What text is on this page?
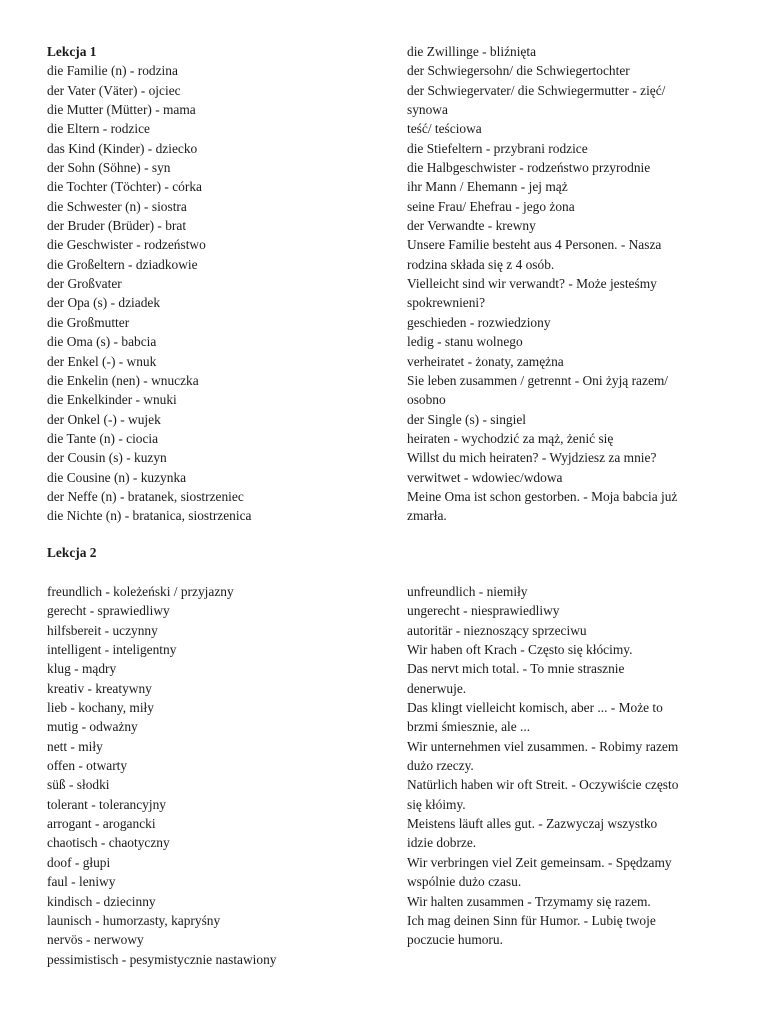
Lekcja 1
die Familie (n) - rodzina
der Vater (Väter) - ojciec
die Mutter (Mütter) - mama
die Eltern - rodzice
das Kind (Kinder) - dziecko
der Sohn (Söhne) - syn
die Tochter (Töchter) - córka
die Schwester (n) - siostra
der Bruder (Brüder) - brat
die Geschwister - rodzeństwo
die Großeltern - dziadkowie
der Großvater
der Opa (s) - dziadek
die Großmutter
die Oma (s) - babcia
der Enkel (-) - wnuk
die Enkelin (nen) - wnuczka
die Enkelkinder - wnuki
der Onkel (-) - wujek
die Tante (n) - ciocia
der Cousin (s) - kuzyn
die Cousine (n) - kuzynka
der Neffe (n) - bratanek, siostrzeniec
die Nichte (n) - bratanica, siostrzenica
die Zwillinge - bliźnięta
der Schwiegersohn/ die Schwiegertochter
der Schwiegervater/ die Schwiegermutter - zięć/
synowa
teść/ teściowa
die Stiefeltern - przybrani rodzice
die Halbgeschwister - rodzeństwo przyrodnie
ihr Mann / Ehemann - jej mąż
seine Frau/ Ehefrau - jego żona
der Verwandte - krewny
Unsere Familie besteht aus 4 Personen. - Nasza
rodzina składa się z 4 osób.
Vielleicht sind wir verwandt? - Może jesteśmy
spokrewnieni?
geschieden - rozwiedziony
ledig - stanu wolnego
verheiratet - żonaty, zamężna
Sie leben zusammen / getrennt - Oni żyją razem/
osobno
der Single (s) - singiel
heiraten - wychodzić za mąż, żenić się
Willst du mich heiraten? - Wyjdziesz za mnie?
verwitwet - wdowiec/wdowa
Meine Oma ist schon gestorben. - Moja babcia już
zmarła.
Lekcja 2
freundlich - koleżeński / przyjazny
gerecht - sprawiedliwy
hilfsbereit - uczynny
intelligent - inteligentny
klug - mądry
kreativ - kreatywny
lieb - kochany, miły
mutig - odważny
nett - miły
offen - otwarty
süß - słodki
tolerant - tolerancyjny
arrogant - arogancki
chaotisch - chaotyczny
doof - głupi
faul - leniwy
kindisch - dziecinny
launisch - humorzasty, kapryśny
nervös - nerwowy
pessimistisch - pesymistycznie nastawiony
unfreundlich - niemiły
ungerecht - niesprawiedliwy
autoritär - nieznoszący sprzeciwu
Wir haben oft Krach - Często się kłócimy.
Das nervt mich total. - To mnie strasznie
denerwuje.
Das klingt vielleicht komisch, aber ... - Może to
brzmi śmiesznie, ale ...
Wir unternehmen viel zusammen. - Robimy razem
dużo rzeczy.
Natürlich haben wir oft Streit. - Oczywiście często
się kłóimy.
Meistens läuft alles gut. - Zazwyczaj wszystko
idzie dobrze.
Wir verbringen viel Zeit gemeinsam. - Spędzamy
wspólnie dużo czasu.
Wir halten zusammen - Trzymamy się razem.
Ich mag deinen Sinn für Humor. - Lubię twoje
poczucie humoru.
